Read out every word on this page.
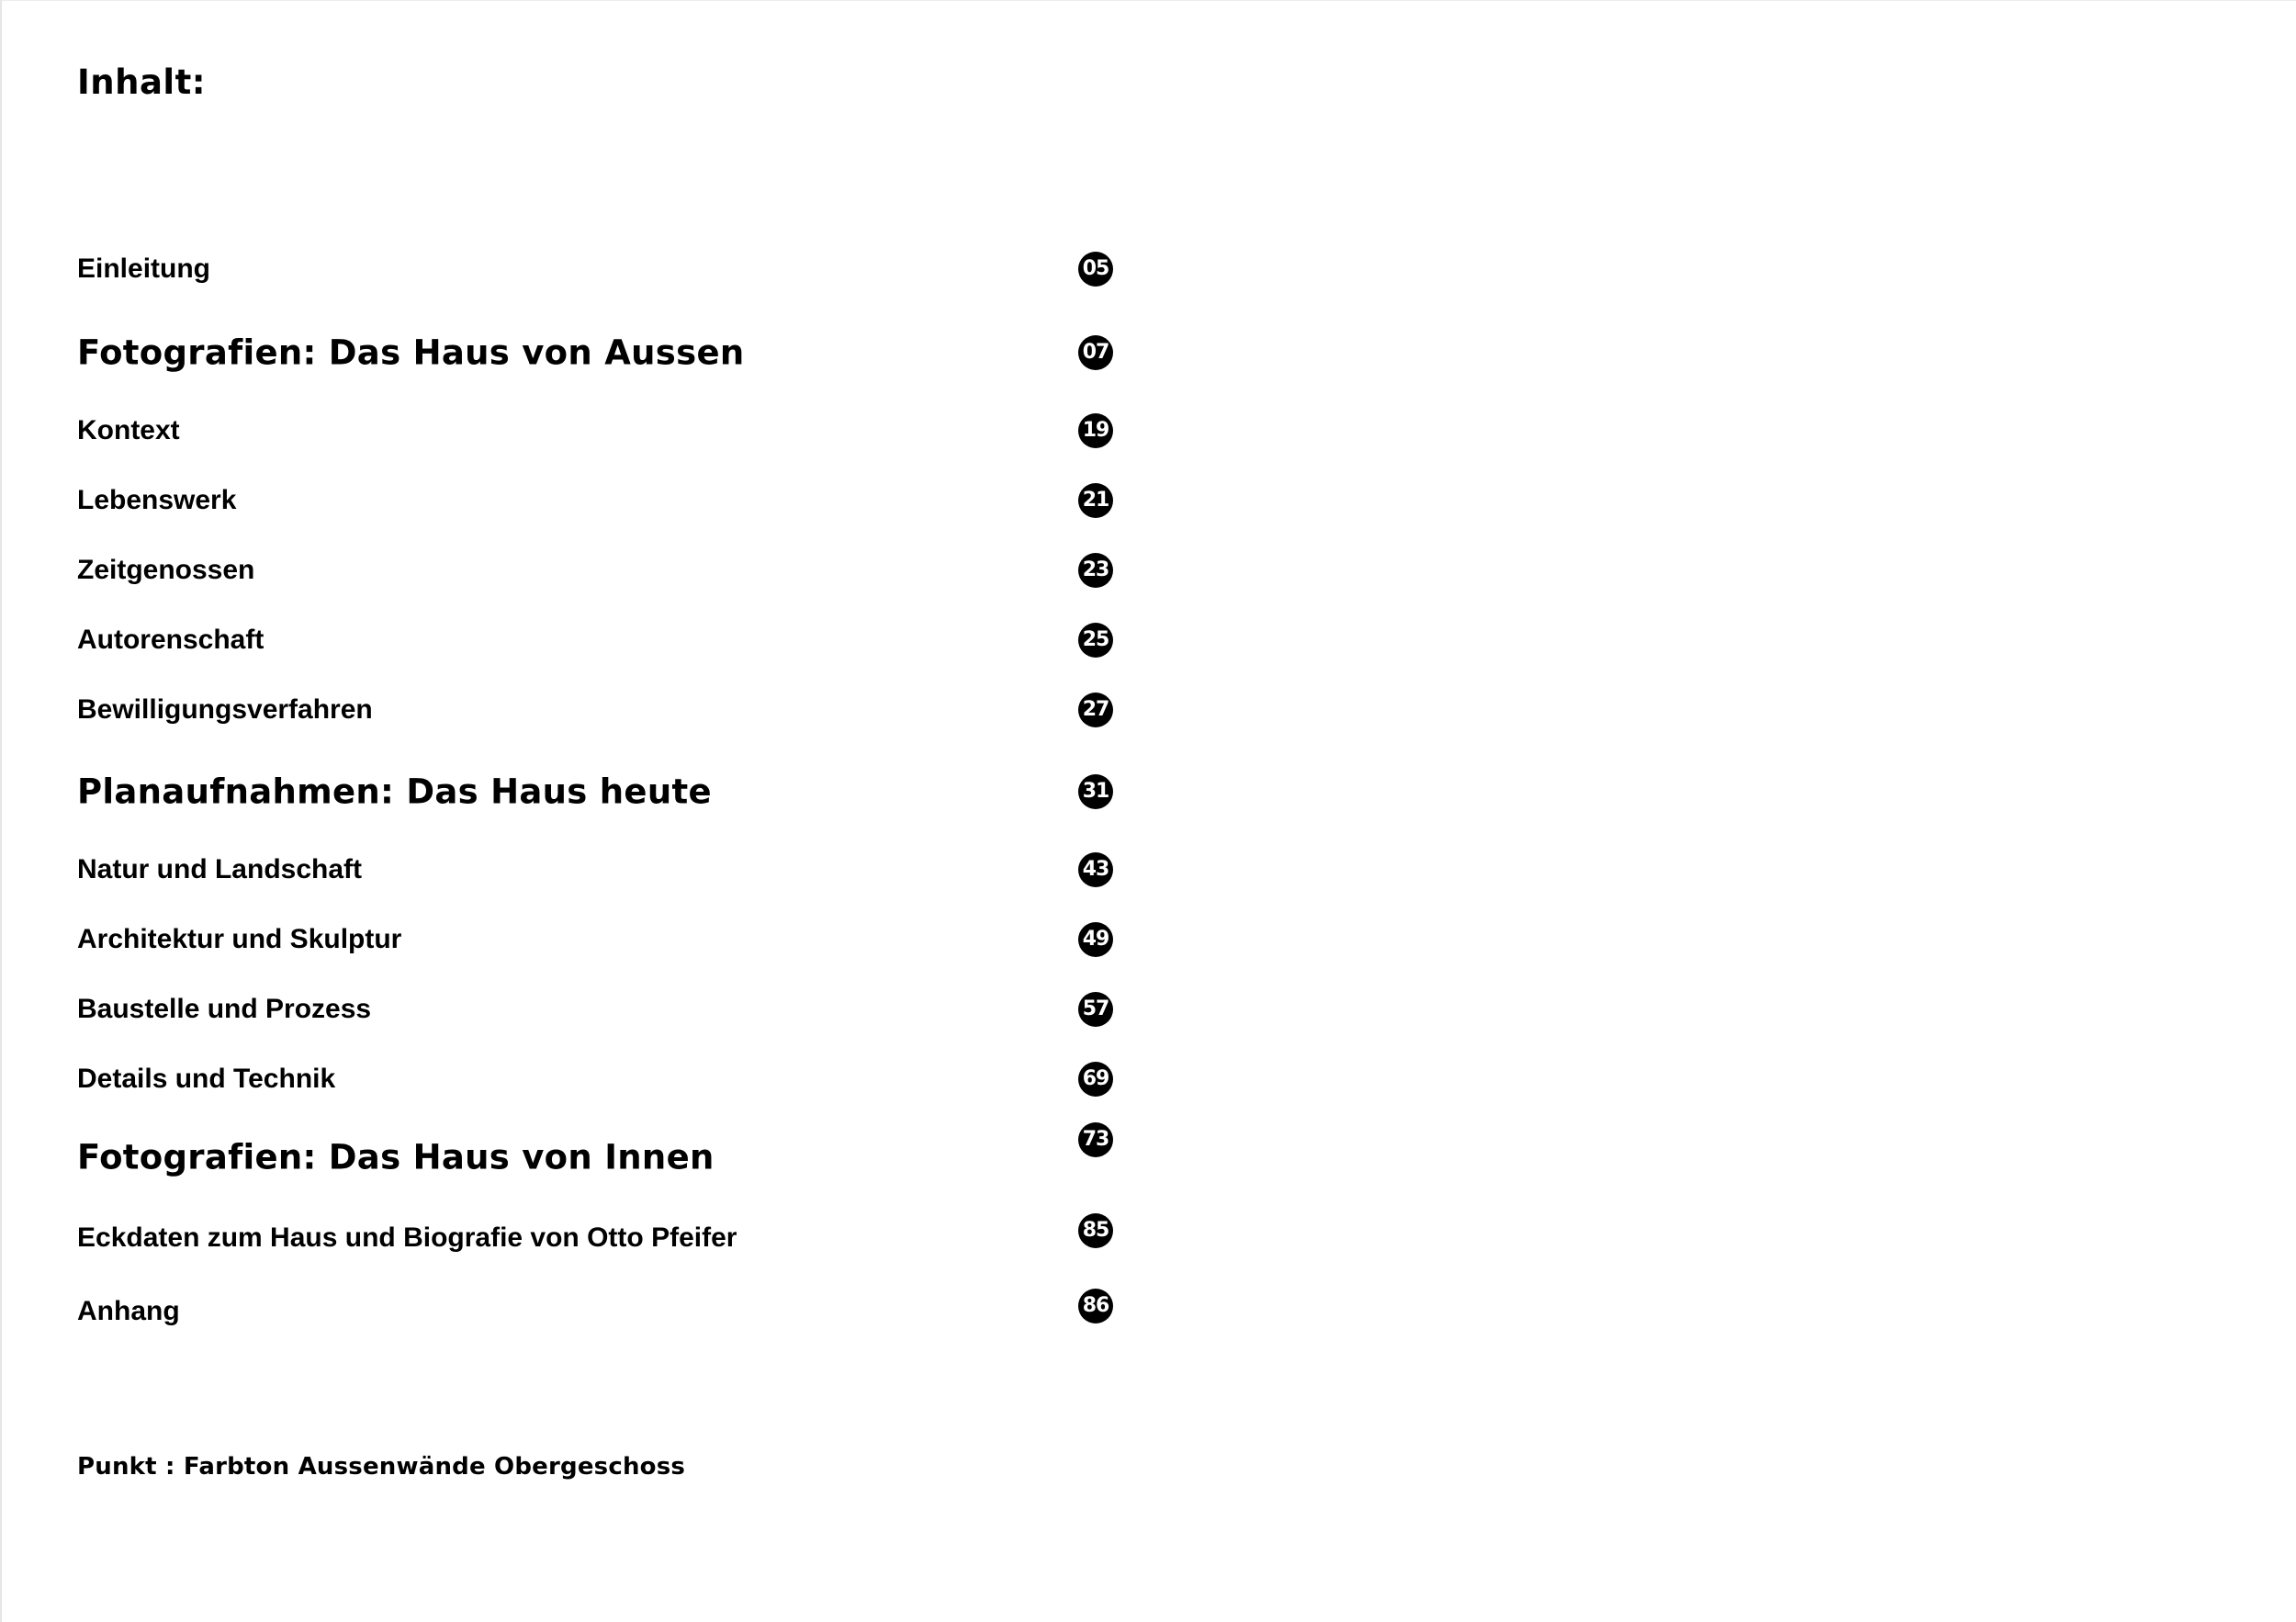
Inhalt:
Einleitung	05
Fotografien: Das Haus von Aussen	07
Kontext	19
Lebenswerk	21
Zeitgenossen	23
Autorenschaft	25
Bewilligungsverfahren	27
Planaufnahmen: Das Haus heute	31
Natur und Landschaft	43
Architektur und Skulptur	49
Baustelle und Prozess	57
Details und Technik	69
Fotografien: Das Haus von Innen	73
Eckdaten zum Haus und Biografie von Otto Pfeifer	85
Anhang	86
Punkt : Farbton Aussenwände Obergeschoss
